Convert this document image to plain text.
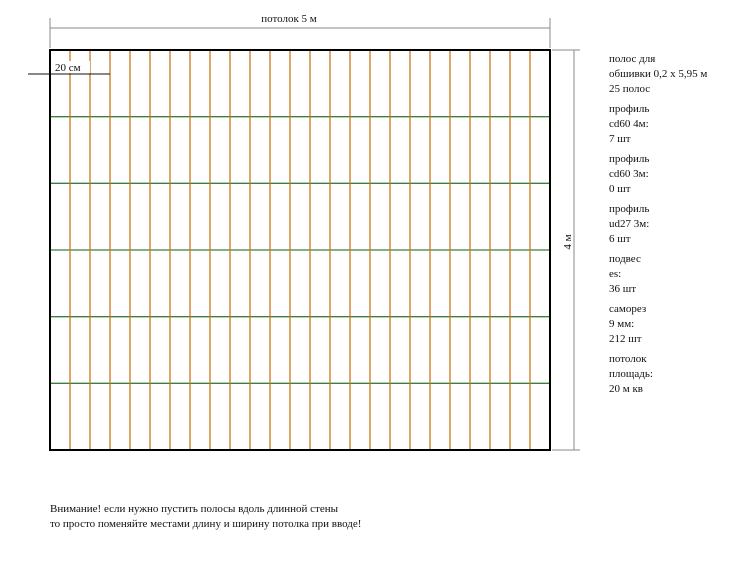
потолок 5 м
4 м
20 см
полос для
обшивки 0,2 х 5,95 м
25 полос
профиль
cd60 4м:
7 шт
профиль
cd60 3м:
0 шт
профиль
ud27 3м:
6 шт
подвес
es:
36 шт
саморез
9 мм:
212 шт
потолок
площадь:
20 м кв
Внимание! если нужно пустить полосы вдоль длинной стены
то просто поменяйте местами длину и ширину потолка при вводе!
